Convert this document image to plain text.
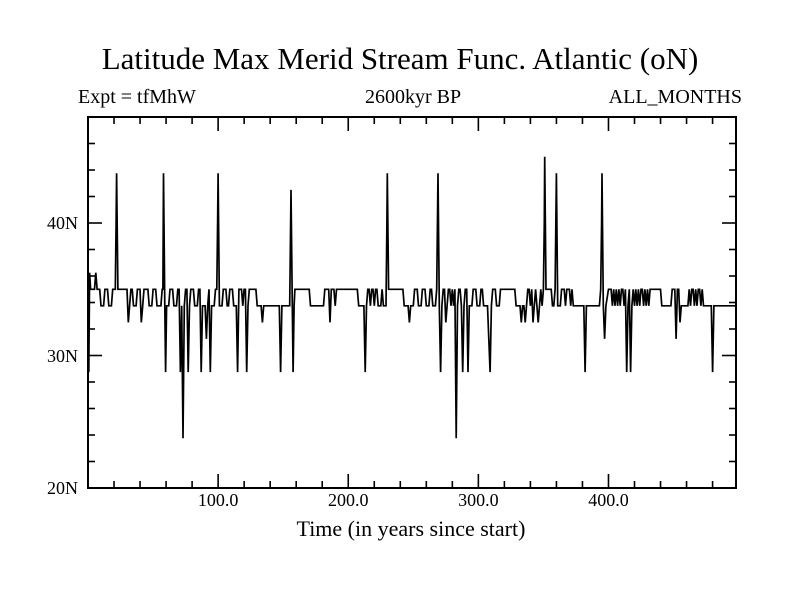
Latitude Max Merid Stream Func. Atlantic (oN)
Expt = tfMhW	2600kyr BP	ALL_MONTHS
Time (in years since start)
20N
30N
40N
100.0	200.0	300.0	400.0
